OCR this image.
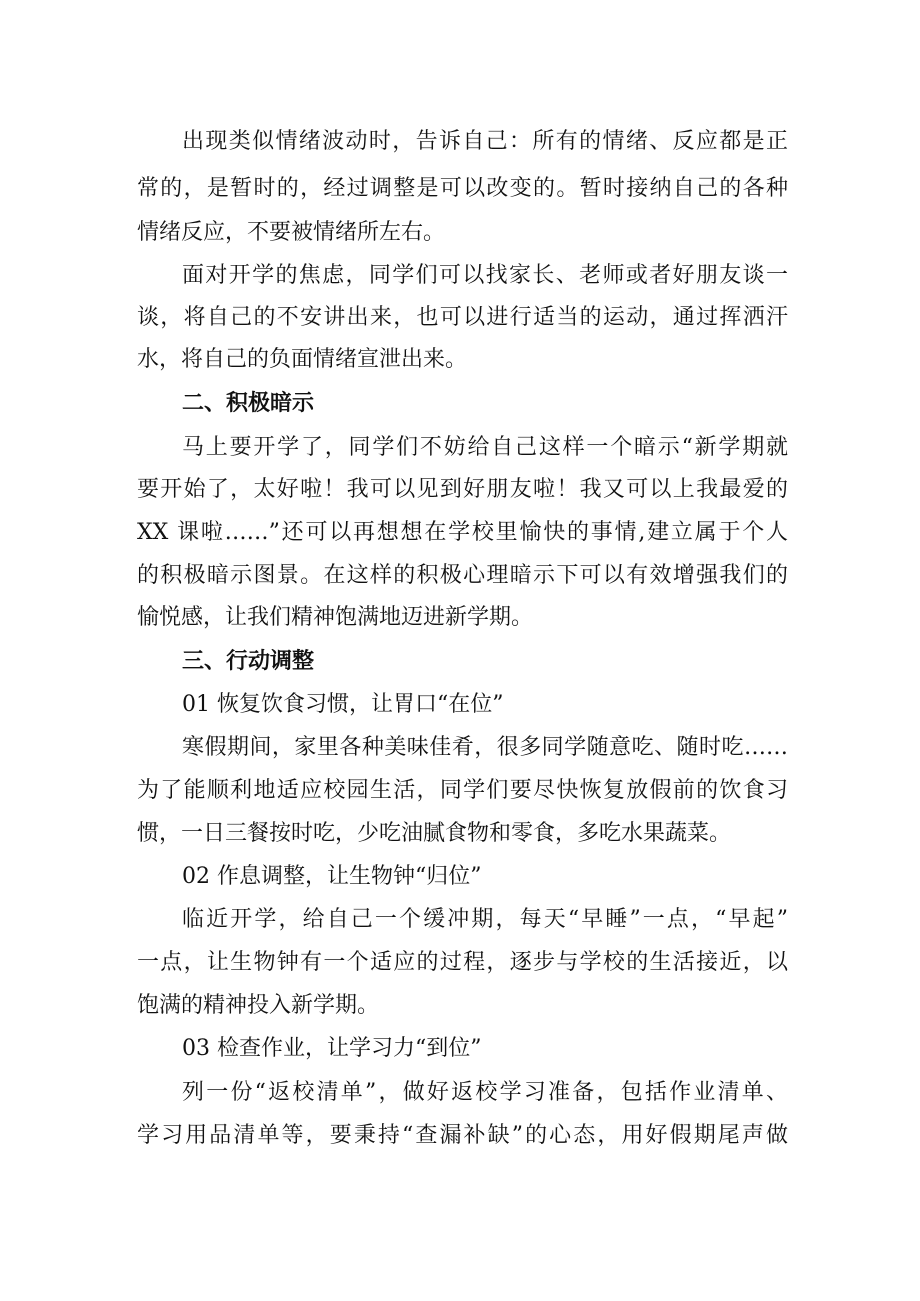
出现类似情绪波动时，告诉自己：所有的情绪、反应都是正
常的，是暂时的，经过调整是可以改变的。暂时接纳自己的各种
情绪反应，不要被情绪所左右。
面对开学的焦虑，同学们可以找家长、老师或者好朋友谈一
谈，将自己的不安讲出来，也可以进行适当的运动，通过挥洒汗
水，将自己的负面情绪宣泄出来。
二、积极暗示
马上要开学了，同学们不妨给自己这样一个暗示“新学期就
要开始了，太好啦！我可以见到好朋友啦！我又可以上我最爱的
XX 课啦……”还可以再想想在学校里愉快的事情,建立属于个人
的积极暗示图景。在这样的积极心理暗示下可以有效增强我们的
愉悦感，让我们精神饱满地迈进新学期。
三、行动调整
01 恢复饮食习惯，让胃口“在位”
寒假期间，家里各种美味佳肴，很多同学随意吃、随时吃……
为了能顺利地适应校园生活，同学们要尽快恢复放假前的饮食习
惯，一日三餐按时吃，少吃油腻食物和零食，多吃水果蔬菜。
02 作息调整，让生物钟“归位”
临近开学，给自己一个缓冲期，每天“早睡”一点，“早起”
一点，让生物钟有一个适应的过程，逐步与学校的生活接近，以
饱满的精神投入新学期。
03 检查作业，让学习力“到位”
列一份“返校清单”，做好返校学习准备，包括作业清单、
学习用品清单等，要秉持“查漏补缺”的心态，用好假期尾声做
